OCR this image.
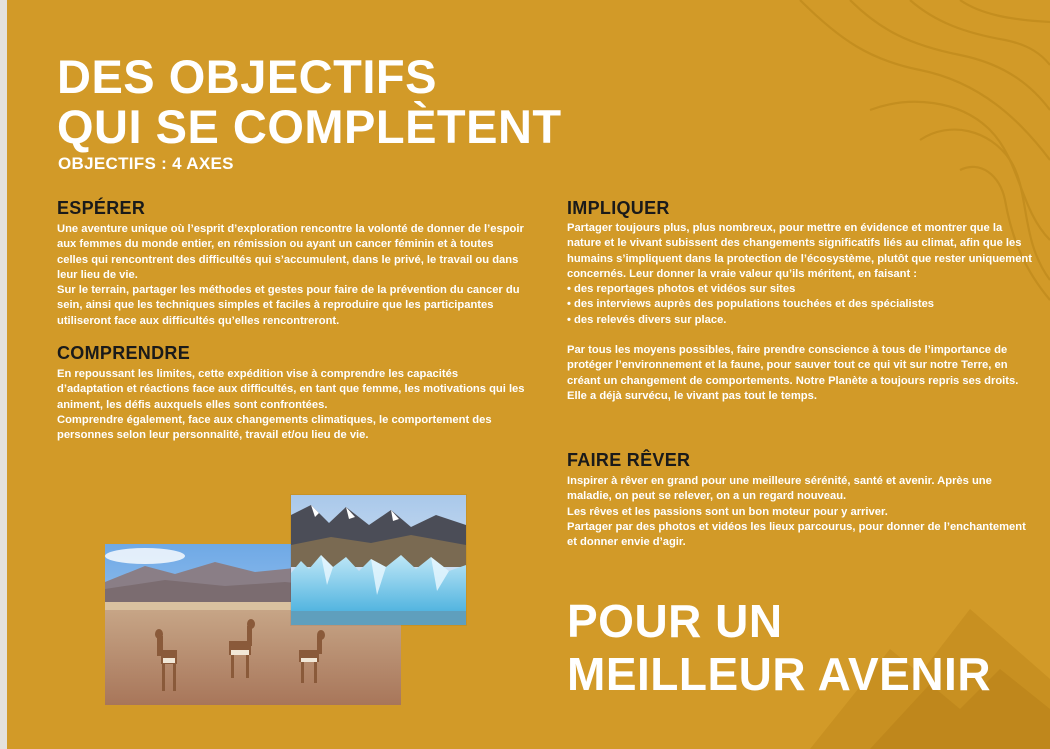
DES OBJECTIFS
QUI SE COMPLÈTENT
OBJECTIFS : 4 AXES
ESPÉRER

Une aventure unique où l’esprit d’exploration rencontre la volonté de donner de l’espoir aux femmes du monde entier, en rémission ou ayant un cancer féminin et à toutes celles qui rencontrent des difficultés qui s’accumulent, dans le privé, le travail ou dans leur lieu de vie.

Sur le terrain, partager les méthodes et gestes pour faire de la prévention du cancer du sein, ainsi que les techniques simples et faciles à reproduire que les participantes utiliseront face aux difficultés qu’elles rencontreront.

COMPRENDRE

En repoussant les limites, cette expédition vise à comprendre les capacités d’adaptation et réactions face aux difficultés, en tant que femme, les motivations qui les animent, les défis auxquels elles sont confrontées.

Comprendre également, face aux changements climatiques, le comportement des personnes selon leur personnalité, travail et/ou lieu de vie.

IMPLIQUER

Partager toujours plus, plus nombreux, pour mettre en évidence et montrer que la nature et le vivant subissent des changements significatifs liés au climat, afin que les humains s’impliquent dans la protection de l’écosystème, plutôt que rester uniquement concernés. Leur donner la vraie valeur qu’ils méritent, en faisant :

• des reportages photos et vidéos sur sites

• des interviews auprès des populations touchées et des spécialistes

• des relevés divers sur place.

Par tous les moyens possibles, faire prendre conscience à tous de l’importance de protéger l’environnement et la faune, pour sauver tout ce qui vit sur notre Terre, en créant un changement de comportements. Notre Planète a toujours repris ses droits. Elle a déjà survécu, le vivant pas tout le temps.

FAIRE RÊVER

Inspirer à rêver en grand pour une meilleure sérénité, santé et avenir. Après une maladie, on peut se relever, on a un regard nouveau.

Les rêves et les passions sont un bon moteur pour y arriver.

Partager par des photos et vidéos les lieux parcourus, pour donner de l’enchantement et donner envie d’agir.

POUR UN
MEILLEUR AVENIR
